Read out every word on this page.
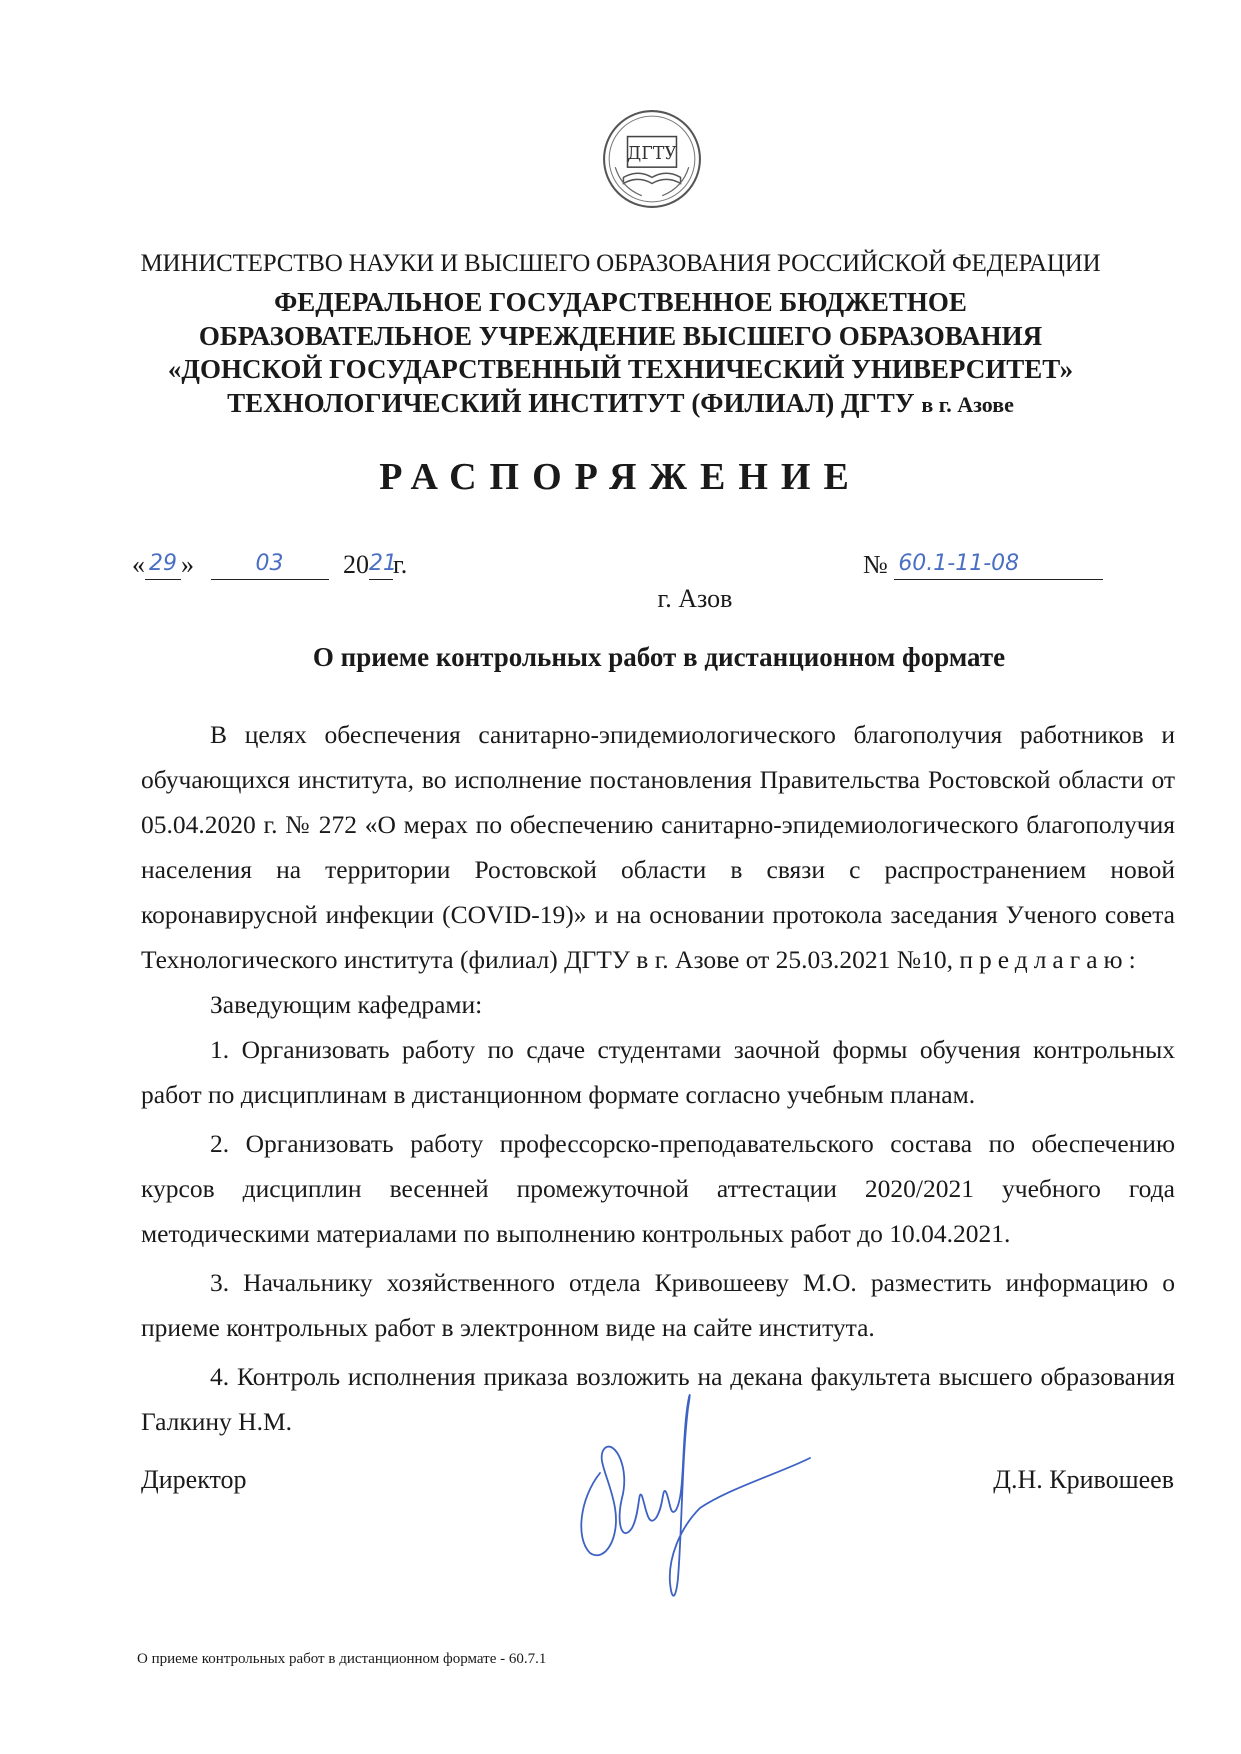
ДГТУ
МИНИСТЕРСТВО НАУКИ И ВЫСШЕГО ОБРАЗОВАНИЯ РОССИЙСКОЙ ФЕДЕРАЦИИ
ФЕДЕРАЛЬНОЕ ГОСУДАРСТВЕННОЕ БЮДЖЕТНОЕ
ОБРАЗОВАТЕЛЬНОЕ УЧРЕЖДЕНИЕ ВЫСШЕГО ОБРАЗОВАНИЯ
«ДОНСКОЙ ГОСУДАРСТВЕННЫЙ ТЕХНИЧЕСКИЙ УНИВЕРСИТЕТ»
ТЕХНОЛОГИЧЕСКИЙ ИНСТИТУТ (ФИЛИАЛ) ДГТУ в г. Азове
РАСПОРЯЖЕНИЕ
« 29 »	03 2021г.	№ 60.1-11-08
г. Азов
О приеме контрольных работ в дистанционном формате

В целях обеспечения санитарно-эпидемиологического благополучия работников и обучающихся института, во исполнение постановления Правительства Ростовской области от 05.04.2020 г. № 272 «О мерах по обеспечению санитарно-эпидемиологического благополучия населения на территории Ростовской области в связи с распространением новой коронавирусной инфекции (COVID-19)» и на основании протокола заседания Ученого совета Технологического института (филиал) ДГТУ в г. Азове от 25.03.2021 №10, предлагаю:

Заведующим кафедрами:

1. Организовать работу по сдаче студентами заочной формы обучения контрольных работ по дисциплинам в дистанционном формате согласно учебным планам.

2. Организовать работу профессорско-преподавательского состава по обеспечению курсов дисциплин весенней промежуточной аттестации 2020/2021 учебного года методическими материалами по выполнению контрольных работ до 10.04.2021.

3. Начальнику хозяйственного отдела Кривошееву М.О. разместить информацию о приеме контрольных работ в электронном виде на сайте института.

4. Контроль исполнения приказа возложить на декана факультета высшего образования Галкину Н.М.

Директор	Д.Н. Кривошеев
О приеме контрольных работ в дистанционном формате - 60.7.1
